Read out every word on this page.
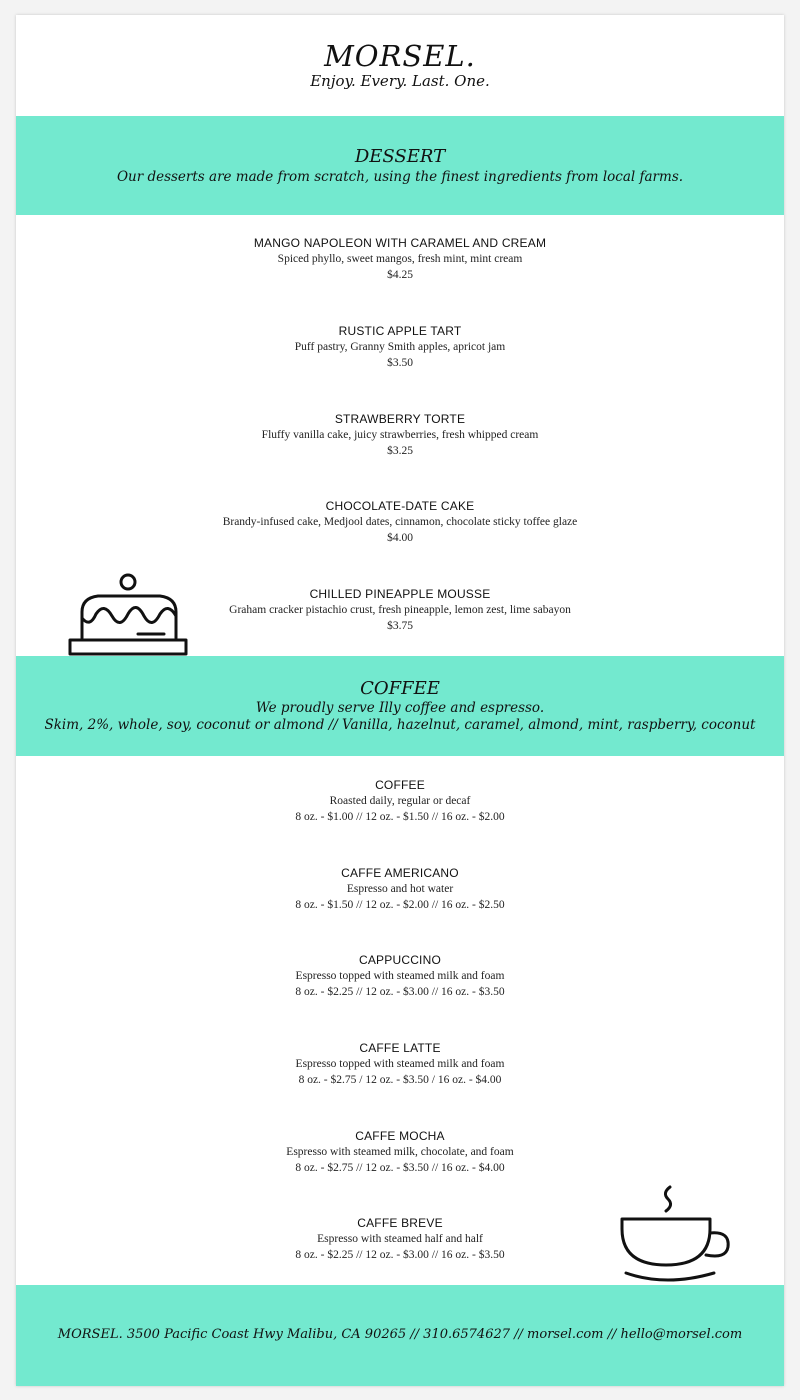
MORSEL.
Enjoy. Every. Last. One.
DESSERT
Our desserts are made from scratch, using the finest ingredients from local farms.
MANGO NAPOLEON WITH CARAMEL AND CREAM
Spiced phyllo, sweet mangos, fresh mint, mint cream
$4.25
RUSTIC APPLE TART
Puff pastry, Granny Smith apples, apricot jam
$3.50
STRAWBERRY TORTE
Fluffy vanilla cake, juicy strawberries, fresh whipped cream
$3.25
CHOCOLATE-DATE CAKE
Brandy-infused cake, Medjool dates, cinnamon, chocolate sticky toffee glaze
$4.00
CHILLED PINEAPPLE MOUSSE
Graham cracker pistachio crust, fresh pineapple, lemon zest, lime sabayon
$3.75
COFFEE
We proudly serve Illy coffee and espresso.
Skim, 2%, whole, soy, coconut or almond // Vanilla, hazelnut, caramel, almond, mint, raspberry, coconut
COFFEE
Roasted daily, regular or decaf
8 oz. - $1.00 // 12 oz. - $1.50 // 16 oz. - $2.00
CAFFE AMERICANO
Espresso and hot water
8 oz. - $1.50 // 12 oz. - $2.00 // 16 oz. - $2.50
CAPPUCCINO
Espresso topped with steamed milk and foam
8 oz. - $2.25 // 12 oz. - $3.00 // 16 oz. - $3.50
CAFFE LATTE
Espresso topped with steamed milk and foam
8 oz. - $2.75 / 12 oz. - $3.50 / 16 oz. - $4.00
CAFFE MOCHA
Espresso with steamed milk, chocolate, and foam
8 oz. - $2.75 // 12 oz. - $3.50 // 16 oz. - $4.00
CAFFE BREVE
Espresso with steamed half and half
8 oz. - $2.25 // 12 oz. - $3.00 // 16 oz. - $3.50
MORSEL. 3500 Pacific Coast Hwy Malibu, CA 90265 // 310.6574627 // morsel.com // hello@morsel.com
